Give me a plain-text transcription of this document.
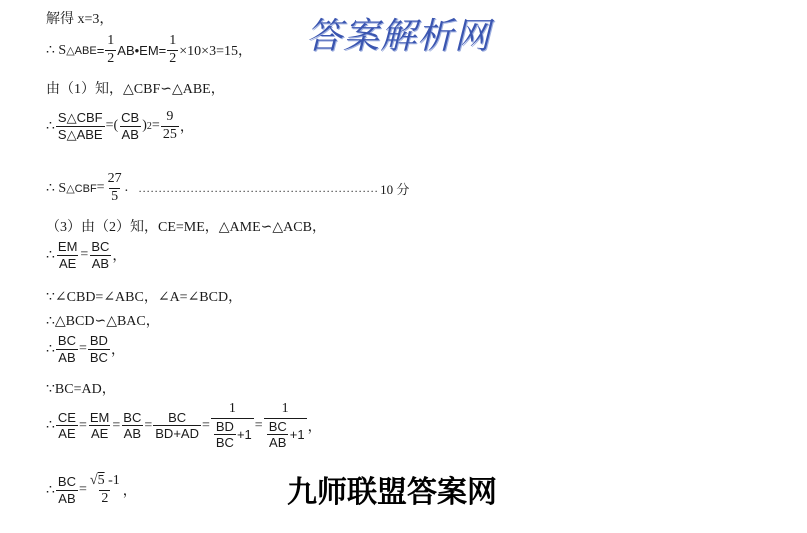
答案解析网
解得 x=3，
∴ S △ABE = $\frac{1}{2}$ AB•EM= $\frac{1}{2} \times 10\times 3=15$，
由（1）知，△CBF∽△ABE，
∴ $\frac{\text{S△CBF}}{\text{S△ABE}}$ =( $\frac{CB}{AB}$ ) $2 = \frac{9}{25}$ ，
∴ S △CBF = $\frac{27}{5}$ . …………………………………………………… 10 分
（3）由（2）知，CE=ME，△AME∽△ACB，
∴ $\frac{EM}{AE} = \frac{BC}{AB}$ ，
∵∠CBD=∠ABC，∠A=∠BCD，
∴△BCD∽△BAC，
∴ $\frac{BC}{AB} = \frac{BD}{BC}$ ，
∵BC=AD，
∴ $\frac{CE}{AE} = \frac{EM}{AE} = \frac{BC}{AB} = \frac{BC}{BD+AD} = \frac{1}{\frac{BD}{BC} +1} = \frac{1}{\frac{BC}{AB} +1}$ ，
∴ $\frac{BC}{AB} = \frac{√5 -1}{2}$ ，	九师联盟答案网
